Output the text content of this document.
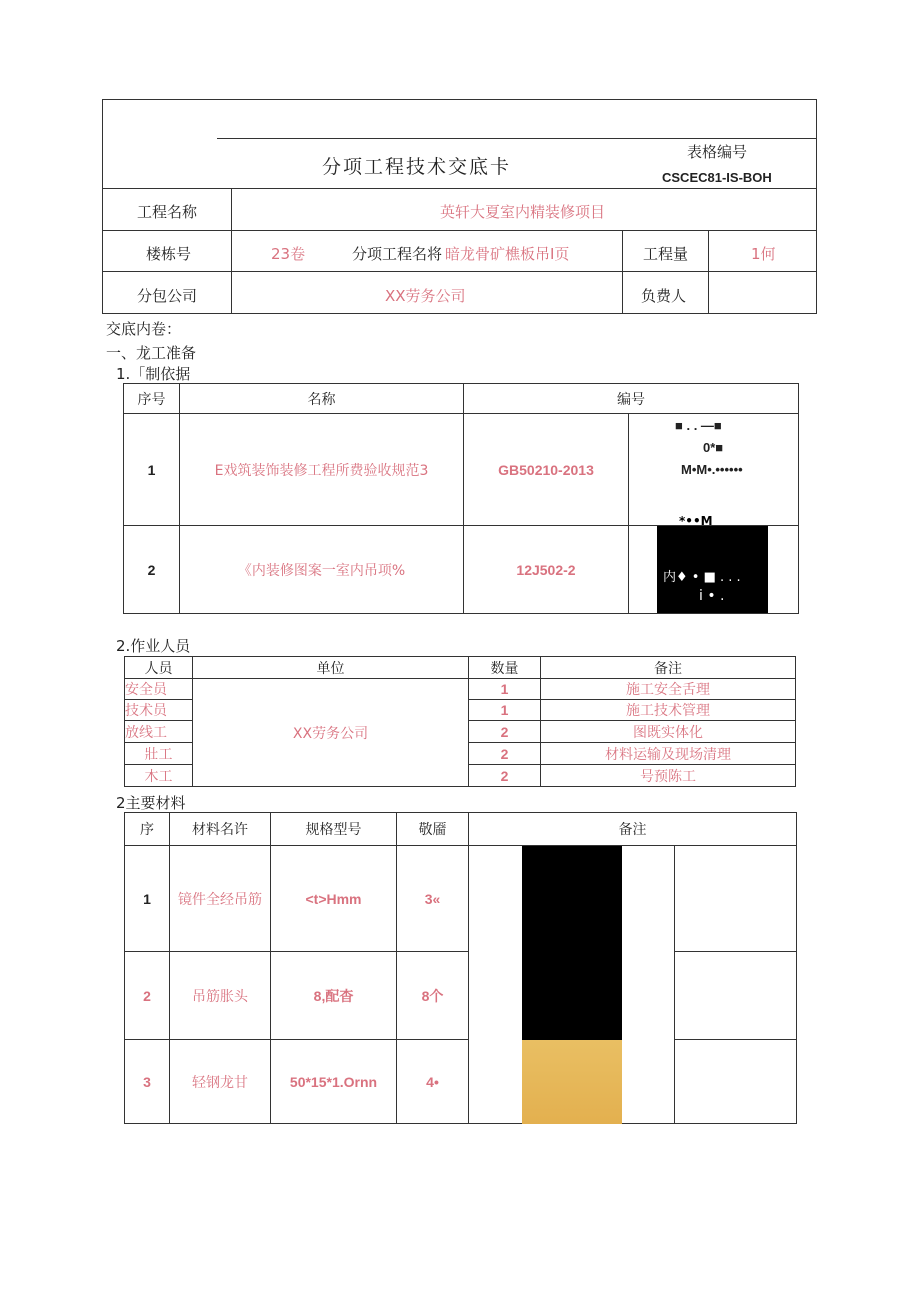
分项工程技术交底卡
表格编号
CSCEC81-IS-BOH
工程名称	英轩大夏室内精装修项目
楼栋号	23卷	分项工程名将 暗龙骨矿樵板吊I页	工程量	1何
分包公司	XX劳务公司	负费人
交底内卷：
一、龙工准备
1.「制依据
序号	名称	编号	
1	E戏筑装饰装修工程所费验收规范3	GB50210-2013	■ . . —■
0*■
M•M•.••••••

2	《内装修图案一室内吊项%	12J502-2	*••M
内♦ • ■ . . .
i • .
2.作业人员
人员	单位	数量	备注
安全员	XX劳务公司	1	施工安全舌理
技术员		1	施工技术管理
放线工		2	图既实体化
壯工		2	材料运输及现场清理
木工		2	号预陈工
2主要材料
序	材料名许	规格型号	敬靥	备注	
1	镜件全经吊筋	<t>Hmm	3«	

2	吊筋胀头	8,配杳	8个		
3	轻钢龙甘	50*15*1.Ornn	4•		
